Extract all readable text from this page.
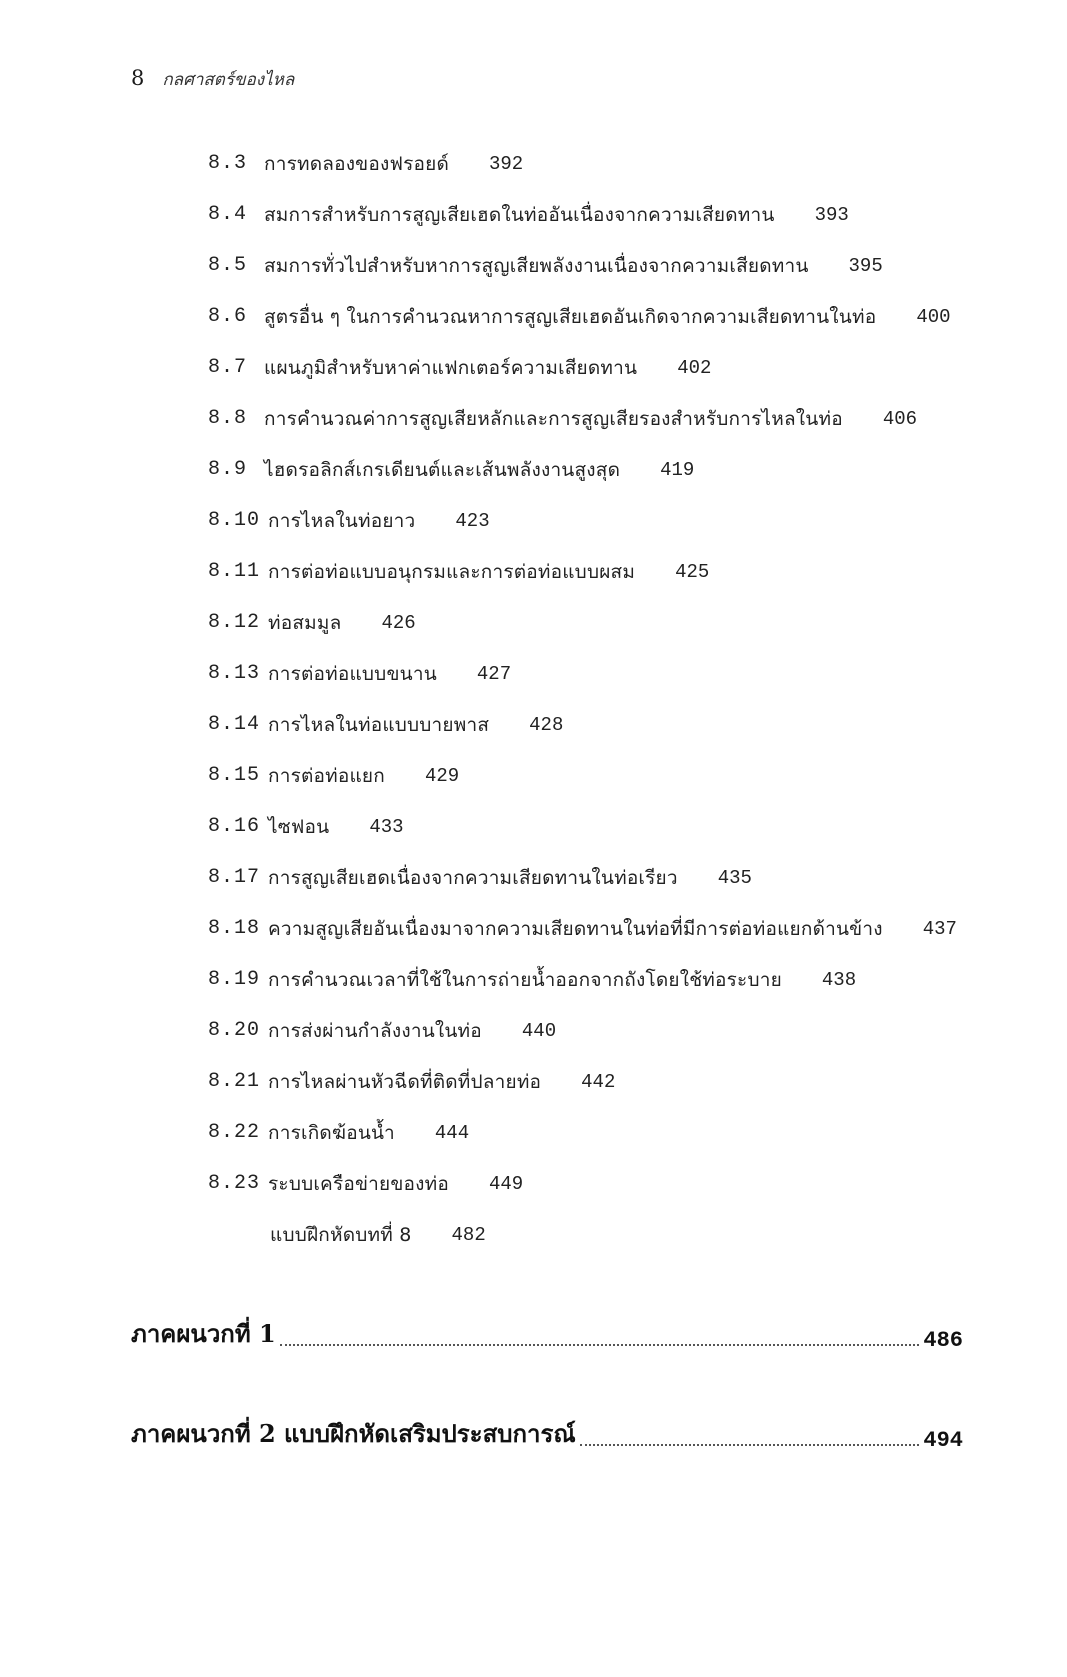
8 กลศาสตร์ของไหล
8.3 การทดลองของฟรอยด์ 392
8.4 สมการสำหรับการสูญเสียเฮดในท่ออันเนื่องจากความเสียดทาน 393
8.5 สมการทั่วไปสำหรับหาการสูญเสียพลังงานเนื่องจากความเสียดทาน 395
8.6 สูตรอื่น ๆ ในการคำนวณหาการสูญเสียเฮดอันเกิดจากความเสียดทานในท่อ 400
8.7 แผนภูมิสำหรับหาค่าแฟกเตอร์ความเสียดทาน 402
8.8 การคำนวณค่าการสูญเสียหลักและการสูญเสียรองสำหรับการไหลในท่อ 406
8.9 ไฮดรอลิกส์เกรเดียนต์และเส้นพลังงานสูงสุด 419
8.10 การไหลในท่อยาว 423
8.11 การต่อท่อแบบอนุกรมและการต่อท่อแบบผสม 425
8.12 ท่อสมมูล 426
8.13 การต่อท่อแบบขนาน 427
8.14 การไหลในท่อแบบบายพาส 428
8.15 การต่อท่อแยก 429
8.16 ไซฟอน 433
8.17 การสูญเสียเฮดเนื่องจากความเสียดทานในท่อเรียว 435
8.18 ความสูญเสียอันเนื่องมาจากความเสียดทานในท่อที่มีการต่อท่อแยกด้านข้าง 437
8.19 การคำนวณเวลาที่ใช้ในการถ่ายน้ำออกจากถังโดยใช้ท่อระบาย 438
8.20 การส่งผ่านกำลังงานในท่อ 440
8.21 การไหลผ่านหัวฉีดที่ติดที่ปลายท่อ 442
8.22 การเกิดฆ้อนน้ำ 444
8.23 ระบบเครือข่ายของท่อ 449
แบบฝึกหัดบทที่ 8 482
ภาคผนวกที่ 1	486
ภาคผนวกที่ 2 แบบฝึกหัดเสริมประสบการณ์	494
